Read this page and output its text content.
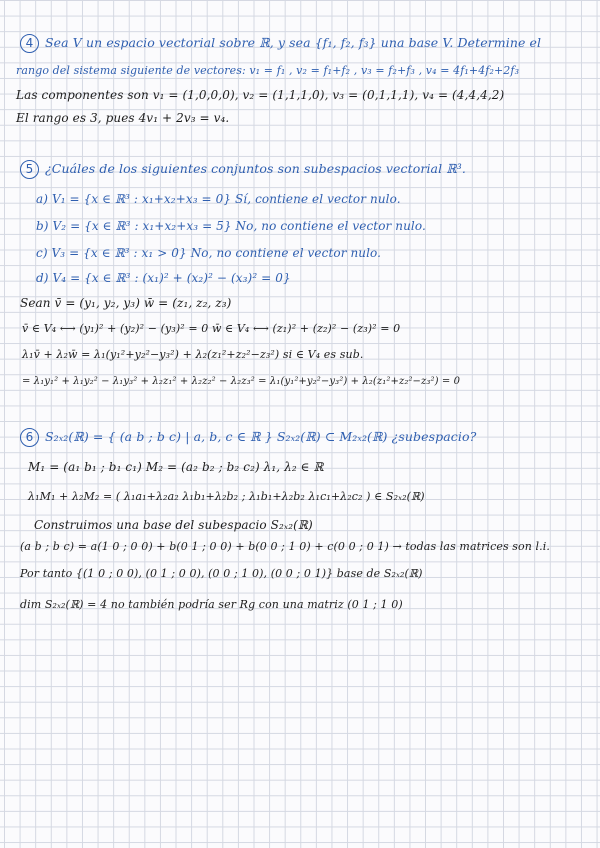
4 Sea V un espacio vectorial sobre ℝ, y sea {f₁, f₂, f₃} una base V. Determine el
rango del sistema siguiente de vectores: v₁ = f₁ , v₂ = f₁+f₂ , v₃ = f₂+f₃ , v₄ = 4f₁+4f₂+2f₃
Las componentes son v₁ = (1,0,0,0), v₂ = (1,1,1,0), v₃ = (0,1,1,1), v₄ = (4,4,4,2)
El rango es 3, pues 4v₁ + 2v₃ = v₄.
5 ¿Cuáles de los siguientes conjuntos son subespacios vectorial ℝ³.
a) V₁ = {x ∈ ℝ³ : x₁+x₂+x₃ = 0} Sí, contiene el vector nulo.
b) V₂ = {x ∈ ℝ³ : x₁+x₂+x₃ = 5} No, no contiene el vector nulo.
c) V₃ = {x ∈ ℝ³ : x₁ > 0} No, no contiene el vector nulo.
d) V₄ = {x ∈ ℝ³ : (x₁)² + (x₂)² − (x₃)² = 0}
Sean v̄ = (y₁, y₂, y₃) w̄ = (z₁, z₂, z₃)
v̄ ∈ V₄ ⟷ (y₁)² + (y₂)² − (y₃)² = 0 w̄ ∈ V₄ ⟷ (z₁)² + (z₂)² − (z₃)² = 0
λ₁v̄ + λ₂w̄ = λ₁(y₁²+y₂²−y₃²) + λ₂(z₁²+z₂²−z₃²) si ∈ V₄ es sub.
= λ₁y₁² + λ₁y₂² − λ₁y₃² + λ₂z₁² + λ₂z₂² − λ₂z₃² = λ₁(y₁²+y₂²−y₃²) + λ₂(z₁²+z₂²−z₃²) = 0
6 S₂ₓ₂(ℝ) = { (a b ; b c) | a, b, c ∈ ℝ } S₂ₓ₂(ℝ) ⊂ M₂ₓ₂(ℝ) ¿subespacio?
M₁ = (a₁ b₁ ; b₁ c₁) M₂ = (a₂ b₂ ; b₂ c₂) λ₁, λ₂ ∈ ℝ
λ₁M₁ + λ₂M₂ = ( λ₁a₁+λ₂a₂ λ₁b₁+λ₂b₂ ; λ₁b₁+λ₂b₂ λ₁c₁+λ₂c₂ ) ∈ S₂ₓ₂(ℝ)
Construimos una base del subespacio S₂ₓ₂(ℝ)
(a b ; b c) = a(1 0 ; 0 0) + b(0 1 ; 0 0) + b(0 0 ; 1 0) + c(0 0 ; 0 1) → todas las matrices son l.i.
Por tanto {(1 0 ; 0 0), (0 1 ; 0 0), (0 0 ; 1 0), (0 0 ; 0 1)} base de S₂ₓ₂(ℝ)
dim S₂ₓ₂(ℝ) = 4 no también podría ser Rg con una matriz (0 1 ; 1 0)
